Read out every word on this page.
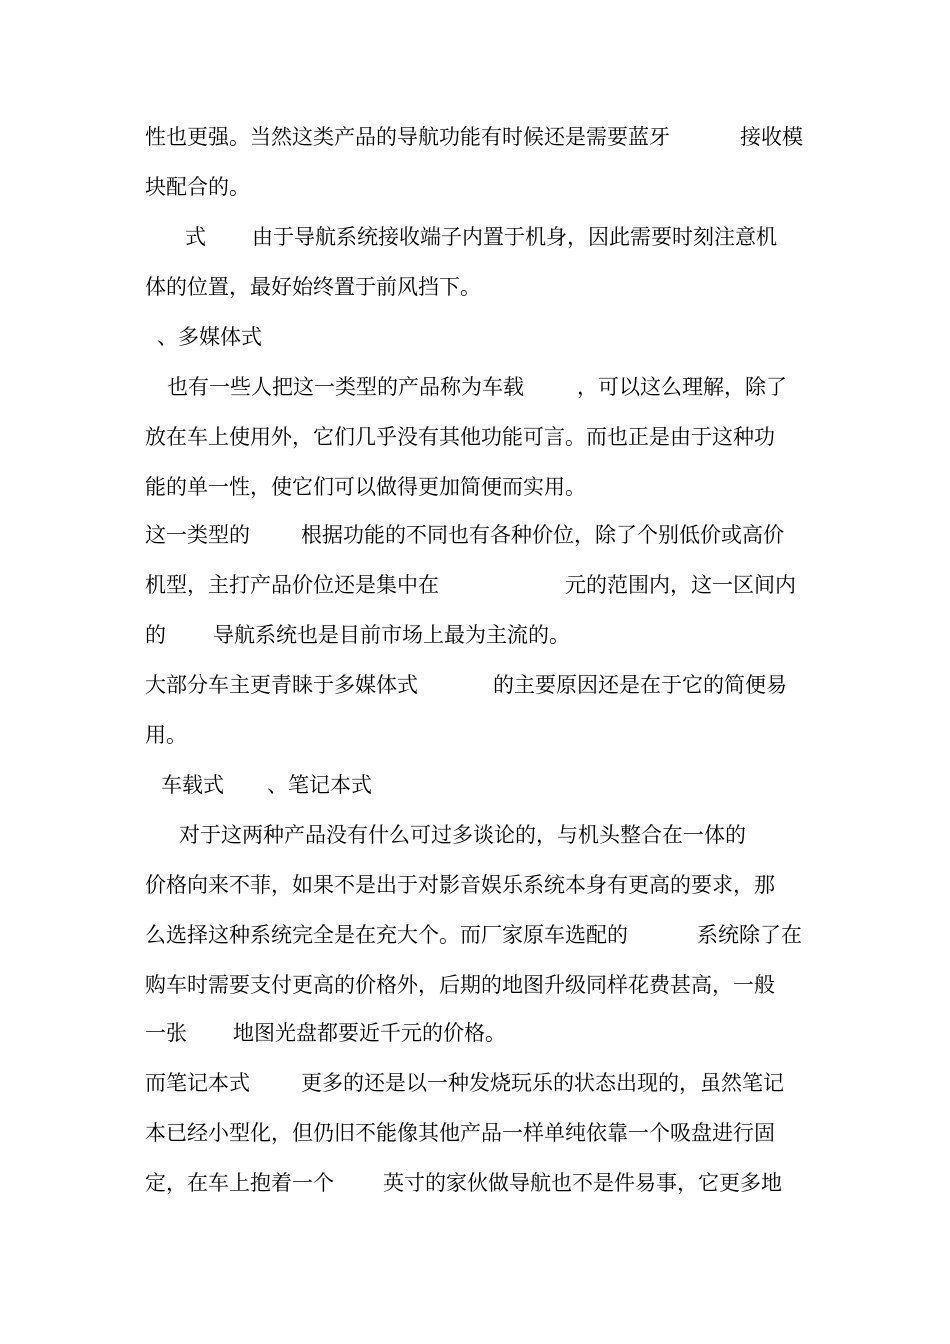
性也更强。当然这类产品的导航功能有时候还是需要蓝牙

	接收模

块配合的。

式

由于导航系统接收端子内置于机身，因此需要时刻注意机

体的位置，最好始终置于前风挡下。

、多媒体式

也有一些人把这一类型的产品称为车载

	，可以这么理解，除了

放在车上使用外，它们几乎没有其他功能可言。而也正是由于这种功

能的单一性，使它们可以做得更加简便而实用。

这一类型的

根据功能的不同也有各种价位，除了个别低价或高价

机型，主打产品价位还是集中在

	元的范围内，这一区间内

的

导航系统也是目前市场上最为主流的。

大部分车主更青睐于多媒体式

	的主要原因还是在于它的简便易

用。

车载式

、笔记本式

对于这两种产品没有什么可过多谈论的，与机头整合在一体的

价格向来不菲，如果不是出于对影音娱乐系统本身有更高的要求，那

么选择这种系统完全是在充大个。而厂家原车选配的

	系统除了在

购车时需要支付更高的价格外，后期的地图升级同样花费甚高，一般

一张

地图光盘都要近千元的价格。

而笔记本式

更多的还是以一种发烧玩乐的状态出现的，虽然笔记

本已经小型化，但仍旧不能像其他产品一样单纯依靠一个吸盘进行固

定，在车上抱着一个

英寸的家伙做导航也不是件易事，它更多地
